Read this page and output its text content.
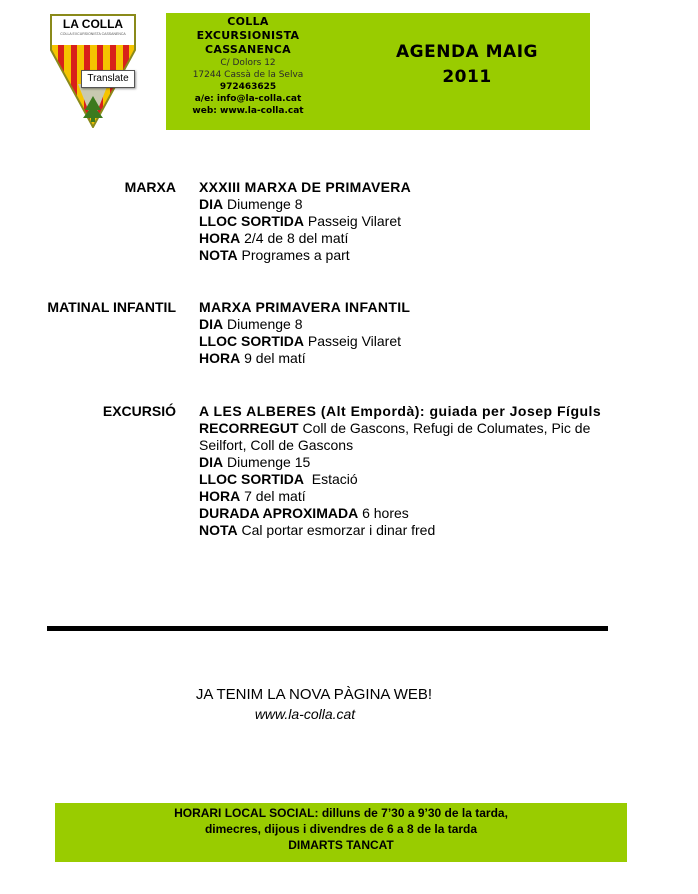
LA COLLA
COLLA EXCURSIONISTA CASSANENCA
Translate
COLLA
EXCURSIONISTA
CASSANENCA
C/ Dolors 12
17244 Cassà de la Selva
972463625
a/e: info@la-colla.cat
web: www.la-colla.cat
AGENDA MAIG
2011
MARXA XXXIII MARXA DE PRIMAVERA
DIA Diumenge 8
LLOC SORTIDA Passeig Vilaret
HORA 2/4 de 8 del matí
NOTA Programes a part
MATINAL INFANTIL MARXA PRIMAVERA INFANTIL
DIA Diumenge 8
LLOC SORTIDA Passeig Vilaret
HORA 9 del matí
EXCURSIÓ A LES ALBERES (Alt Empordà): guiada per Josep Fíguls
RECORREGUT Coll de Gascons, Refugi de Columates, Pic de Seilfort, Coll de Gascons
DIA Diumenge 15
LLOC SORTIDA  Estació
HORA 7 del matí
DURADA APROXIMADA 6 hores
NOTA Cal portar esmorzar i dinar fred
JA TENIM LA NOVA PÀGINA WEB!
www.la-colla.cat
HORARI LOCAL SOCIAL: dilluns de 7’30 a 9’30 de la tarda,
dimecres, dijous i divendres de 6 a 8 de la tarda
DIMARTS TANCAT
